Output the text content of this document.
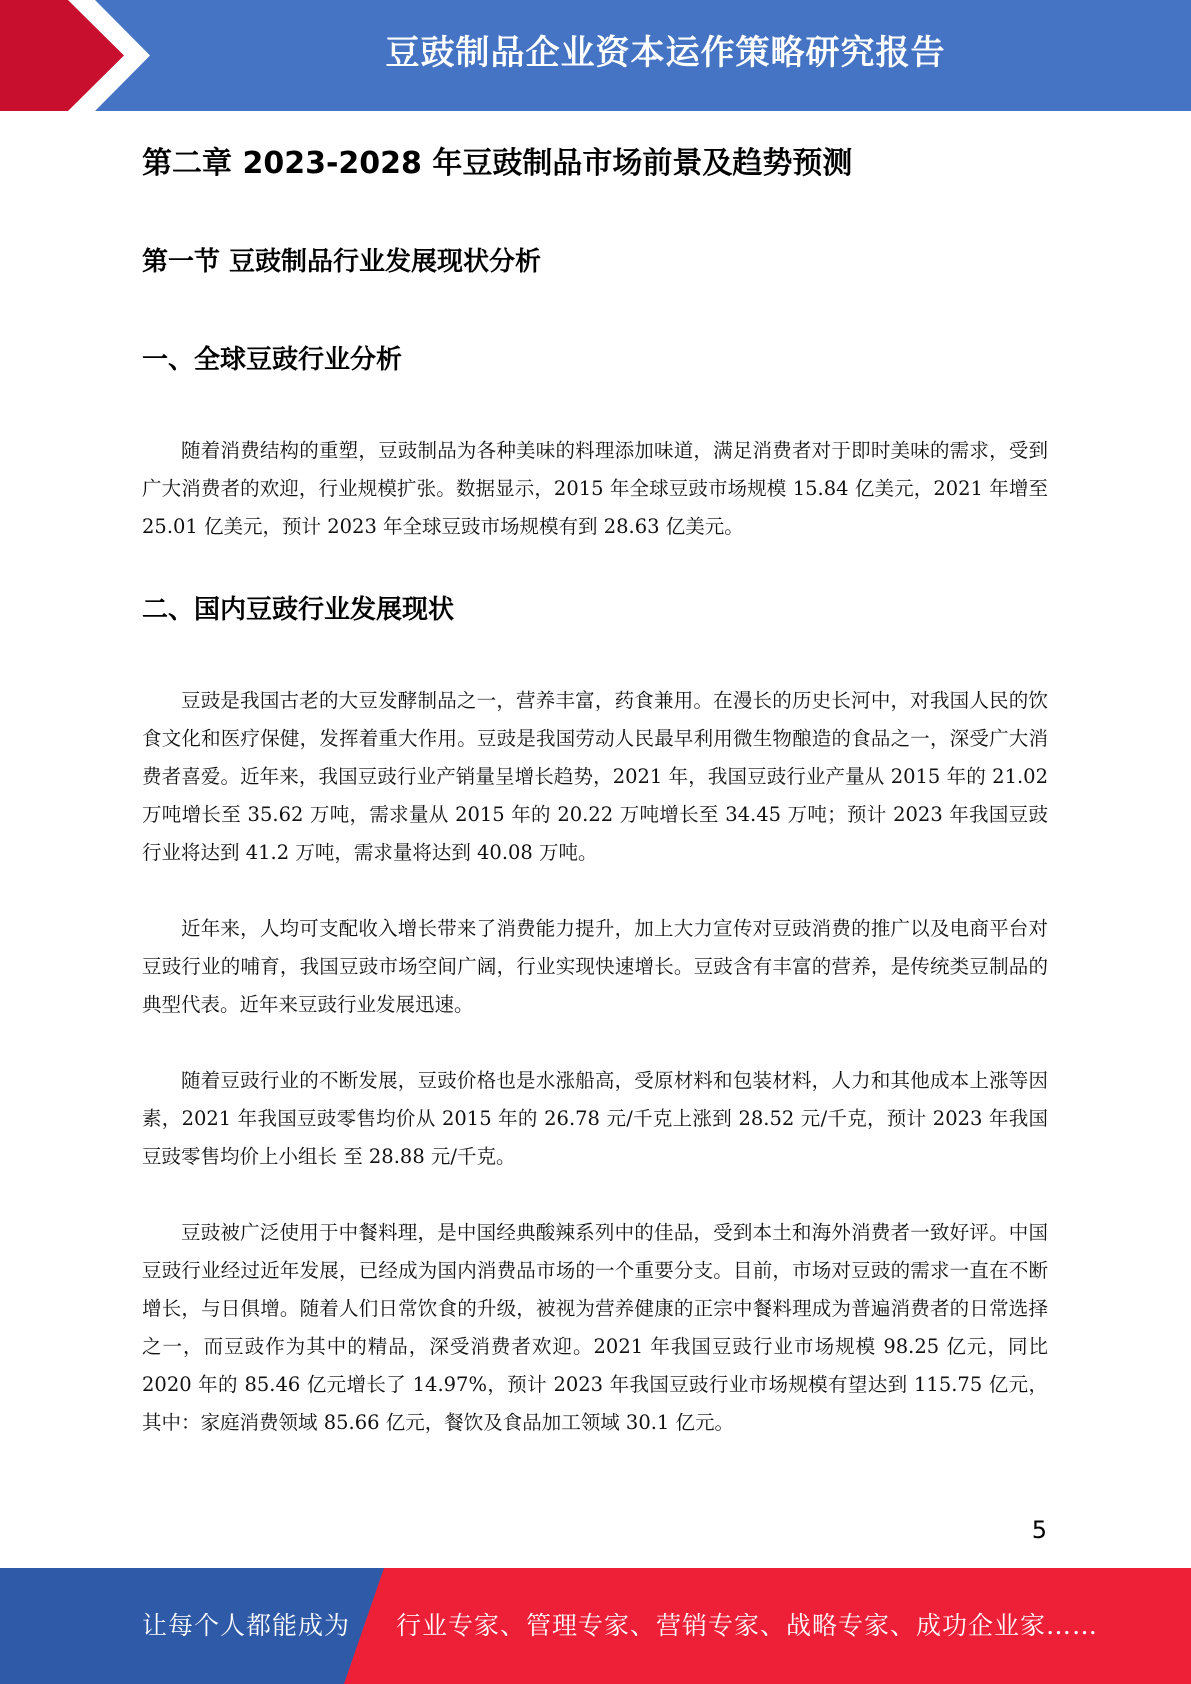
豆豉制品企业资本运作策略研究报告
第二章 2023-2028 年豆豉制品市场前景及趋势预测
第一节 豆豉制品行业发展现状分析
一、全球豆豉行业分析

随着消费结构的重塑，豆豉制品为各种美味的料理添加味道，满足消费者对于即时美味的需求，受到广大消费者的欢迎，行业规模扩张。数据显示，2015 年全球豆豉市场规模 15.84 亿美元，2021 年增至 25.01 亿美元，预计 2023 年全球豆豉市场规模有到 28.63 亿美元。

二、国内豆豉行业发展现状

豆豉是我国古老的大豆发酵制品之一，营养丰富，药食兼用。在漫长的历史长河中，对我国人民的饮食文化和医疗保健，发挥着重大作用。豆豉是我国劳动人民最早利用微生物酿造的食品之一，深受广大消费者喜爱。近年来，我国豆豉行业产销量呈增长趋势，2021 年，我国豆豉行业产量从 2015 年的 21.02 万吨增长至 35.62 万吨，需求量从 2015 年的 20.22 万吨增长至 34.45 万吨；预计 2023 年我国豆豉行业将达到 41.2 万吨，需求量将达到 40.08 万吨。

近年来，人均可支配收入增长带来了消费能力提升，加上大力宣传对豆豉消费的推广以及电商平台对豆豉行业的哺育，我国豆豉市场空间广阔，行业实现快速增长。豆豉含有丰富的营养，是传统类豆制品的典型代表。近年来豆豉行业发展迅速。

随着豆豉行业的不断发展，豆豉价格也是水涨船高，受原材料和包装材料，人力和其他成本上涨等因素，2021 年我国豆豉零售均价从 2015 年的 26.78 元/千克上涨到 28.52 元/千克，预计 2023 年我国豆豉零售均价上小组长 至 28.88 元/千克。

豆豉被广泛使用于中餐料理，是中国经典酸辣系列中的佳品，受到本土和海外消费者一致好评。中国豆豉行业经过近年发展，已经成为国内消费品市场的一个重要分支。目前，市场对豆豉的需求一直在不断增长，与日俱增。随着人们日常饮食的升级，被视为营养健康的正宗中餐料理成为普遍消费者的日常选择之一，而豆豉作为其中的精品，深受消费者欢迎。2021 年我国豆豉行业市场规模 98.25 亿元，同比 2020 年的 85.46 亿元增长了 14.97%，预计 2023 年我国豆豉行业市场规模有望达到 115.75 亿元，其中：家庭消费领域 85.66 亿元，餐饮及食品加工领域 30.1 亿元。

5
让每个人都能成为 行业专家、管理专家、营销专家、战略专家、成功企业家……
